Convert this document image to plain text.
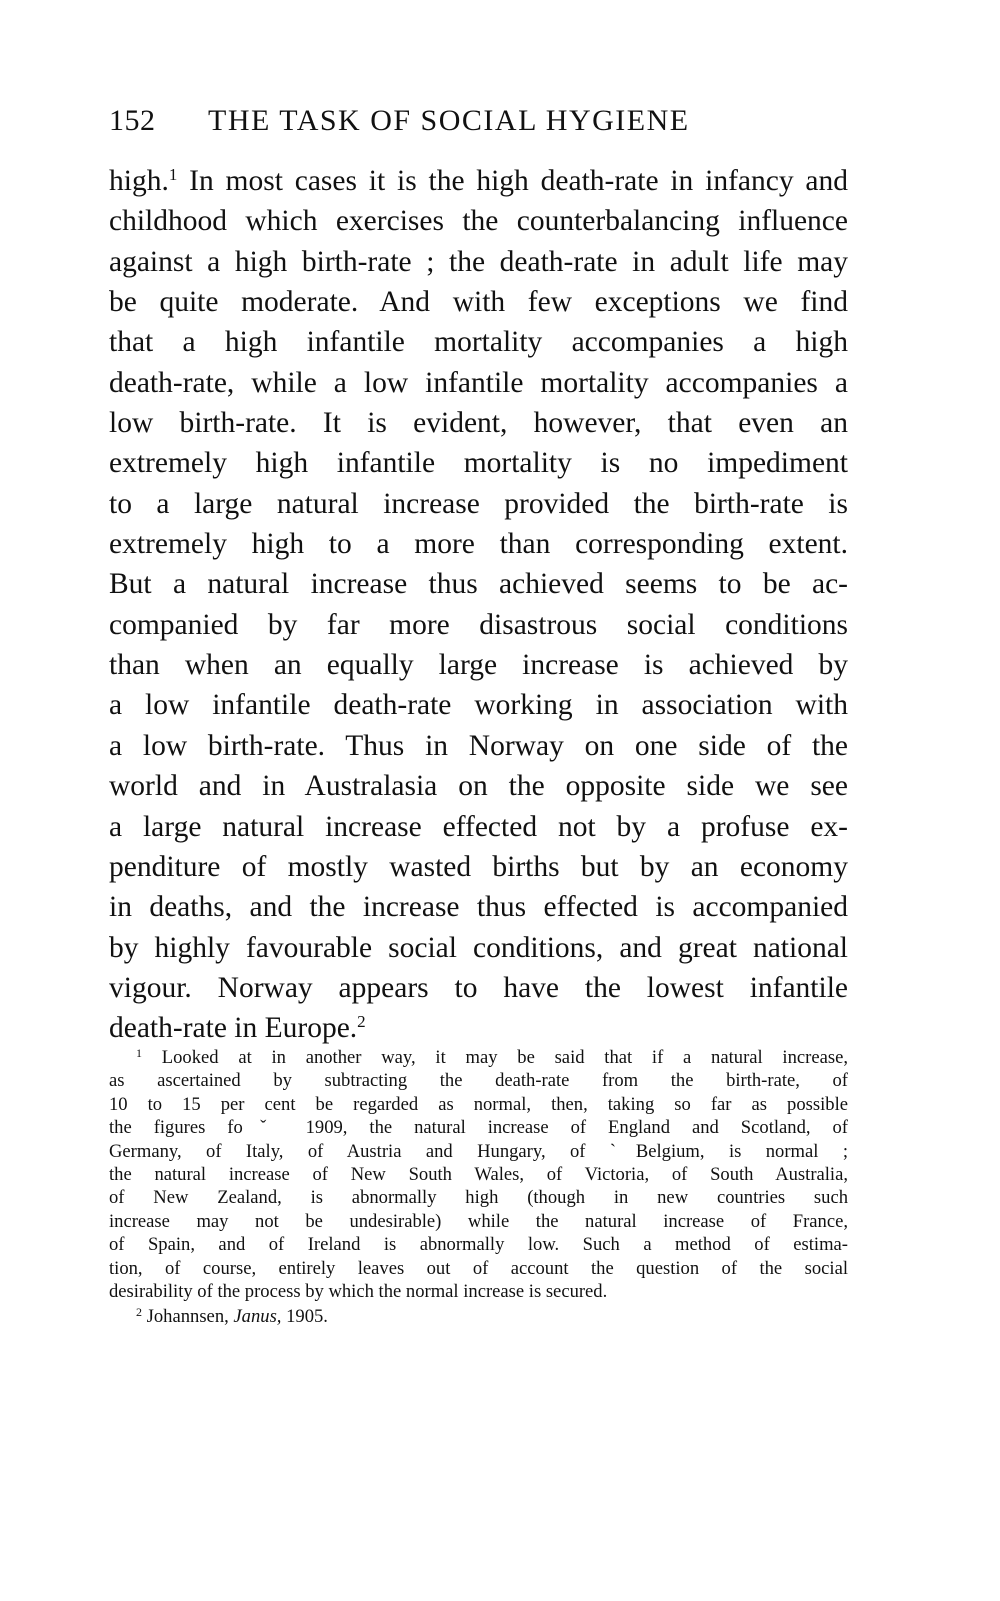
152 THE TASK OF SOCIAL HYGIENE
high.$^1$ In most cases it is the high death-rate in infancy and
childhood which exercises the counterbalancing influence
against a high birth-rate ; the death-rate in adult life may
be quite moderate. And with few exceptions we find
that a high infantile mortality accompanies a high
death-rate, while a low infantile mortality accompanies a
low birth-rate. It is evident, however, that even an
extremely high infantile mortality is no impediment
to a large natural increase provided the birth-rate is
extremely high to a more than corresponding extent.
But a natural increase thus achieved seems to be ac-
companied by far more disastrous social conditions
than when an equally large increase is achieved by
a low infantile death-rate working in association with
a low birth-rate. Thus in Norway on one side of the
world and in Australasia on the opposite side we see
a large natural increase effected not by a profuse ex-
penditure of mostly wasted births but by an economy
in deaths, and the increase thus effected is accompanied
by highly favourable social conditions, and great national
vigour. Norway appears to have the lowest infantile
death-rate in Europe.$^2$
$^1$ Looked at in another way, it may be said that if a natural increase,
as ascertained by subtracting the death-rate from the birth-rate, of
10 to 15 per cent be regarded as normal, then, taking so far as possible
the figures foˇ 1909, the natural increase of England and Scotland, of
Germany, of Italy, of Austria and Hungary, of ˋBelgium, is normal ;
the natural increase of New South Wales, of Victoria, of South Australia,
of New Zealand, is abnormally high (though in new countries such
increase may not be undesirable) while the natural increase of France,
of Spain, and of Ireland is abnormally low. Such a method of estima-
tion, of course, entirely leaves out of account the question of the social
desirability of the process by which the normal increase is secured.
$^2$ Johannsen, Janus, 1905.
